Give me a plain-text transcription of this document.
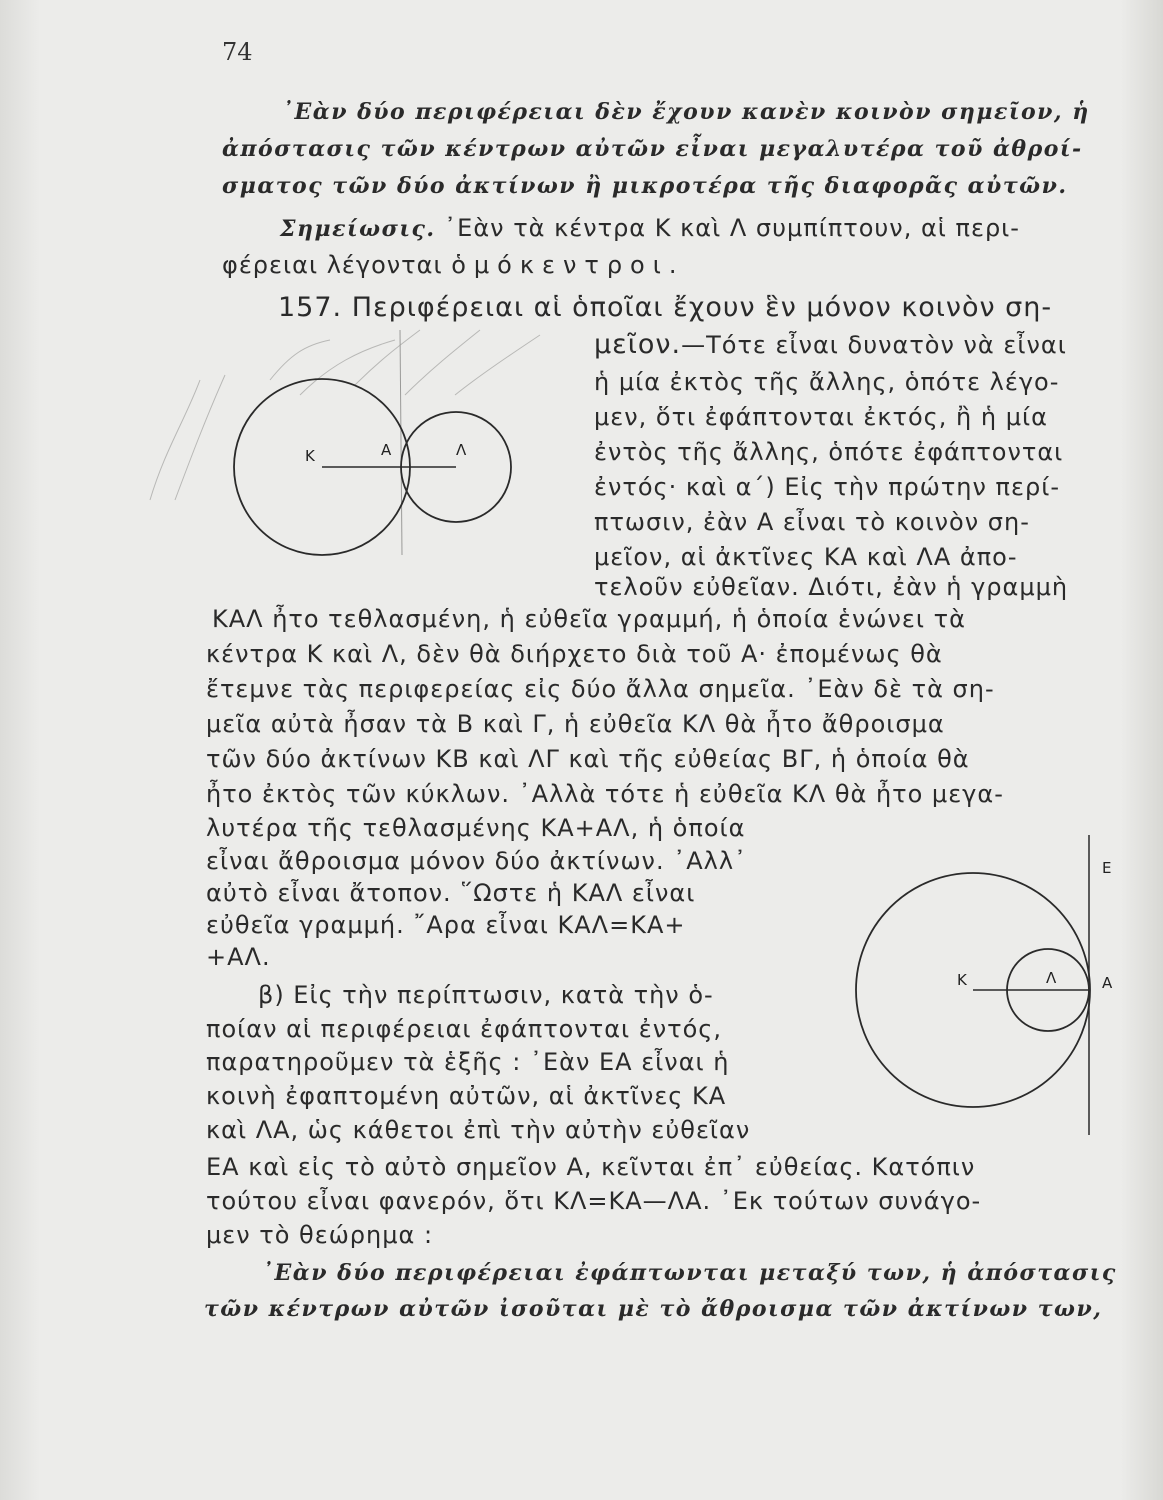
74
᾿Εὰν δύο περιφέρειαι δὲν ἔχουν κανὲν κοινὸν σημεῖον, ἡ
ἀπόστασις τῶν κέντρων αὐτῶν εἶναι μεγαλυτέρα τοῦ ἀθροί-
σματος τῶν δύο ἀκτίνων ἢ μικροτέρα τῆς διαφορᾶς αὐτῶν.
Σημείωσις. ᾿Εὰν τὰ κέντρα Κ καὶ Λ συμπίπτουν, αἱ περι-
φέρειαι λέγονται ὁμόκεντροι.
157. Περιφέρειαι αἱ ὁποῖαι ἔχουν ἓν μόνον κοινὸν ση-
μεῖον.—Τότε εἶναι δυνατὸν νὰ εἶναι
ἡ μία ἐκτὸς τῆς ἄλλης, ὁπότε λέγο-
μεν, ὅτι ἐφάπτονται ἐκτός, ἢ ἡ μία
ἐντὸς τῆς ἄλλης, ὁπότε ἐφάπτονται
ἐντός· καὶ α΄) Εἰς τὴν πρώτην περί-
πτωσιν, ἐὰν Α εἶναι τὸ κοινὸν ση-
μεῖον, αἱ ἀκτῖνες ΚΑ καὶ ΛΑ ἀπο-
τελοῦν εὐθεῖαν. Διότι, ἐὰν ἡ γραμμὴ
ΚΑΛ ἦτο τεθλασμένη, ἡ εὐθεῖα γραμμή, ἡ ὁποία ἑνώνει τὰ
κέντρα Κ καὶ Λ, δὲν θὰ διήρχετο διὰ τοῦ Α· ἐπομένως θὰ
ἔτεμνε τὰς περιφερείας εἰς δύο ἄλλα σημεῖα. ᾿Εὰν δὲ τὰ ση-
μεῖα αὐτὰ ἦσαν τὰ Β καὶ Γ, ἡ εὐθεῖα ΚΛ θὰ ἦτο ἄθροισμα
τῶν δύο ἀκτίνων ΚΒ καὶ ΛΓ καὶ τῆς εὐθείας ΒΓ, ἡ ὁποία θὰ
ἦτο ἐκτὸς τῶν κύκλων. ᾿Αλλὰ τότε ἡ εὐθεῖα ΚΛ θὰ ἦτο μεγα-
λυτέρα τῆς τεθλασμένης ΚΑ+ΑΛ, ἡ ὁποία
εἶναι ἄθροισμα μόνον δύο ἀκτίνων. ᾿Αλλ᾿
αὐτὸ εἶναι ἄτοπον. ῞Ωστε ἡ ΚΑΛ εἶναι
εὐθεῖα γραμμή. ῎Αρα εἶναι ΚΑΛ=ΚΑ+
+ΑΛ.
β) Εἰς τὴν περίπτωσιν, κατὰ τὴν ὁ-
ποίαν αἱ περιφέρειαι ἐφάπτονται ἐντός,
παρατηροῦμεν τὰ ἑξῆς : ᾿Εὰν ΕΑ εἶναι ἡ
κοινὴ ἐφαπτομένη αὐτῶν, αἱ ἀκτῖνες ΚΑ
καὶ ΛΑ, ὡς κάθετοι ἐπὶ τὴν αὐτὴν εὐθεῖαν
ΕΑ καὶ εἰς τὸ αὐτὸ σημεῖον Α, κεῖνται ἐπ᾿ εὐθείας. Κατόπιν
τούτου εἶναι φανερόν, ὅτι ΚΛ=ΚΑ—ΛΑ. ᾿Εκ τούτων συνάγο-
μεν τὸ θεώρημα :
᾿Εὰν δύο περιφέρειαι ἐφάπτωνται μεταξύ των, ἡ ἀπόστασις
τῶν κέντρων αὐτῶν ἰσοῦται μὲ τὸ ἄθροισμα τῶν ἀκτίνων των,
Κ	Α	Λ
Κ	Λ	Α
Ε
